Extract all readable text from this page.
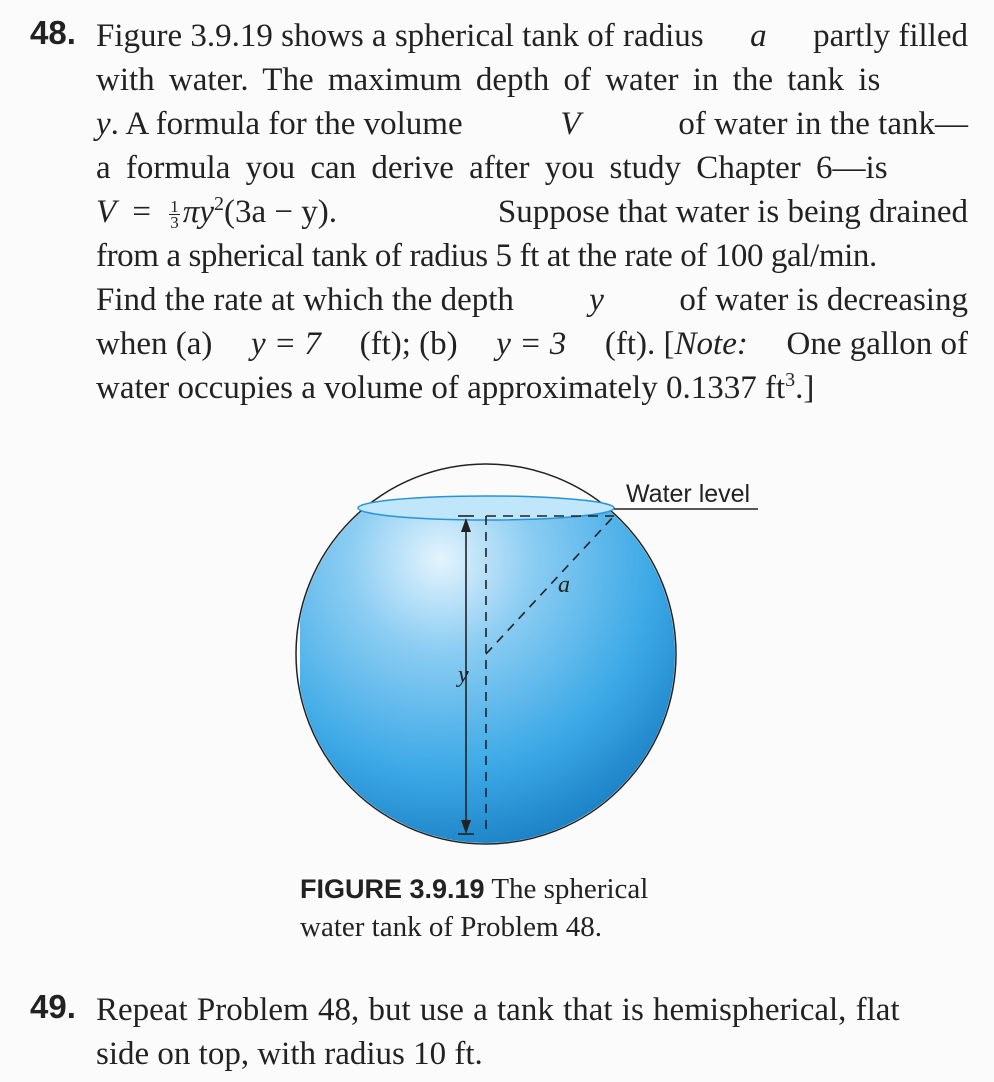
48. Figure 3.9.19 shows a spherical tank of radius a partly filled
with water. The maximum depth of water in the tank is
y. A formula for the volume	V	of water in the tank—
a formula you can derive after you study Chapter 6—is
$V = \frac{1}{3} \pi y^2(3a - y)$.	Suppose that water is being drained
from a spherical tank of radius 5 ft at the rate of 100 gal/min.
Find the rate at which the depth y of water is decreasing
when (a) y = 7 (ft); (b) y = 3 (ft). [Note: One gallon of
water occupies a volume of approximately 0.1337 $ft^3$.]
Water level
a
y
FIGURE 3.9.19 The spherical
water tank of Problem 48.
49. Repeat Problem 48, but use a tank that is hemispherical, flat
side on top, with radius 10 ft.
